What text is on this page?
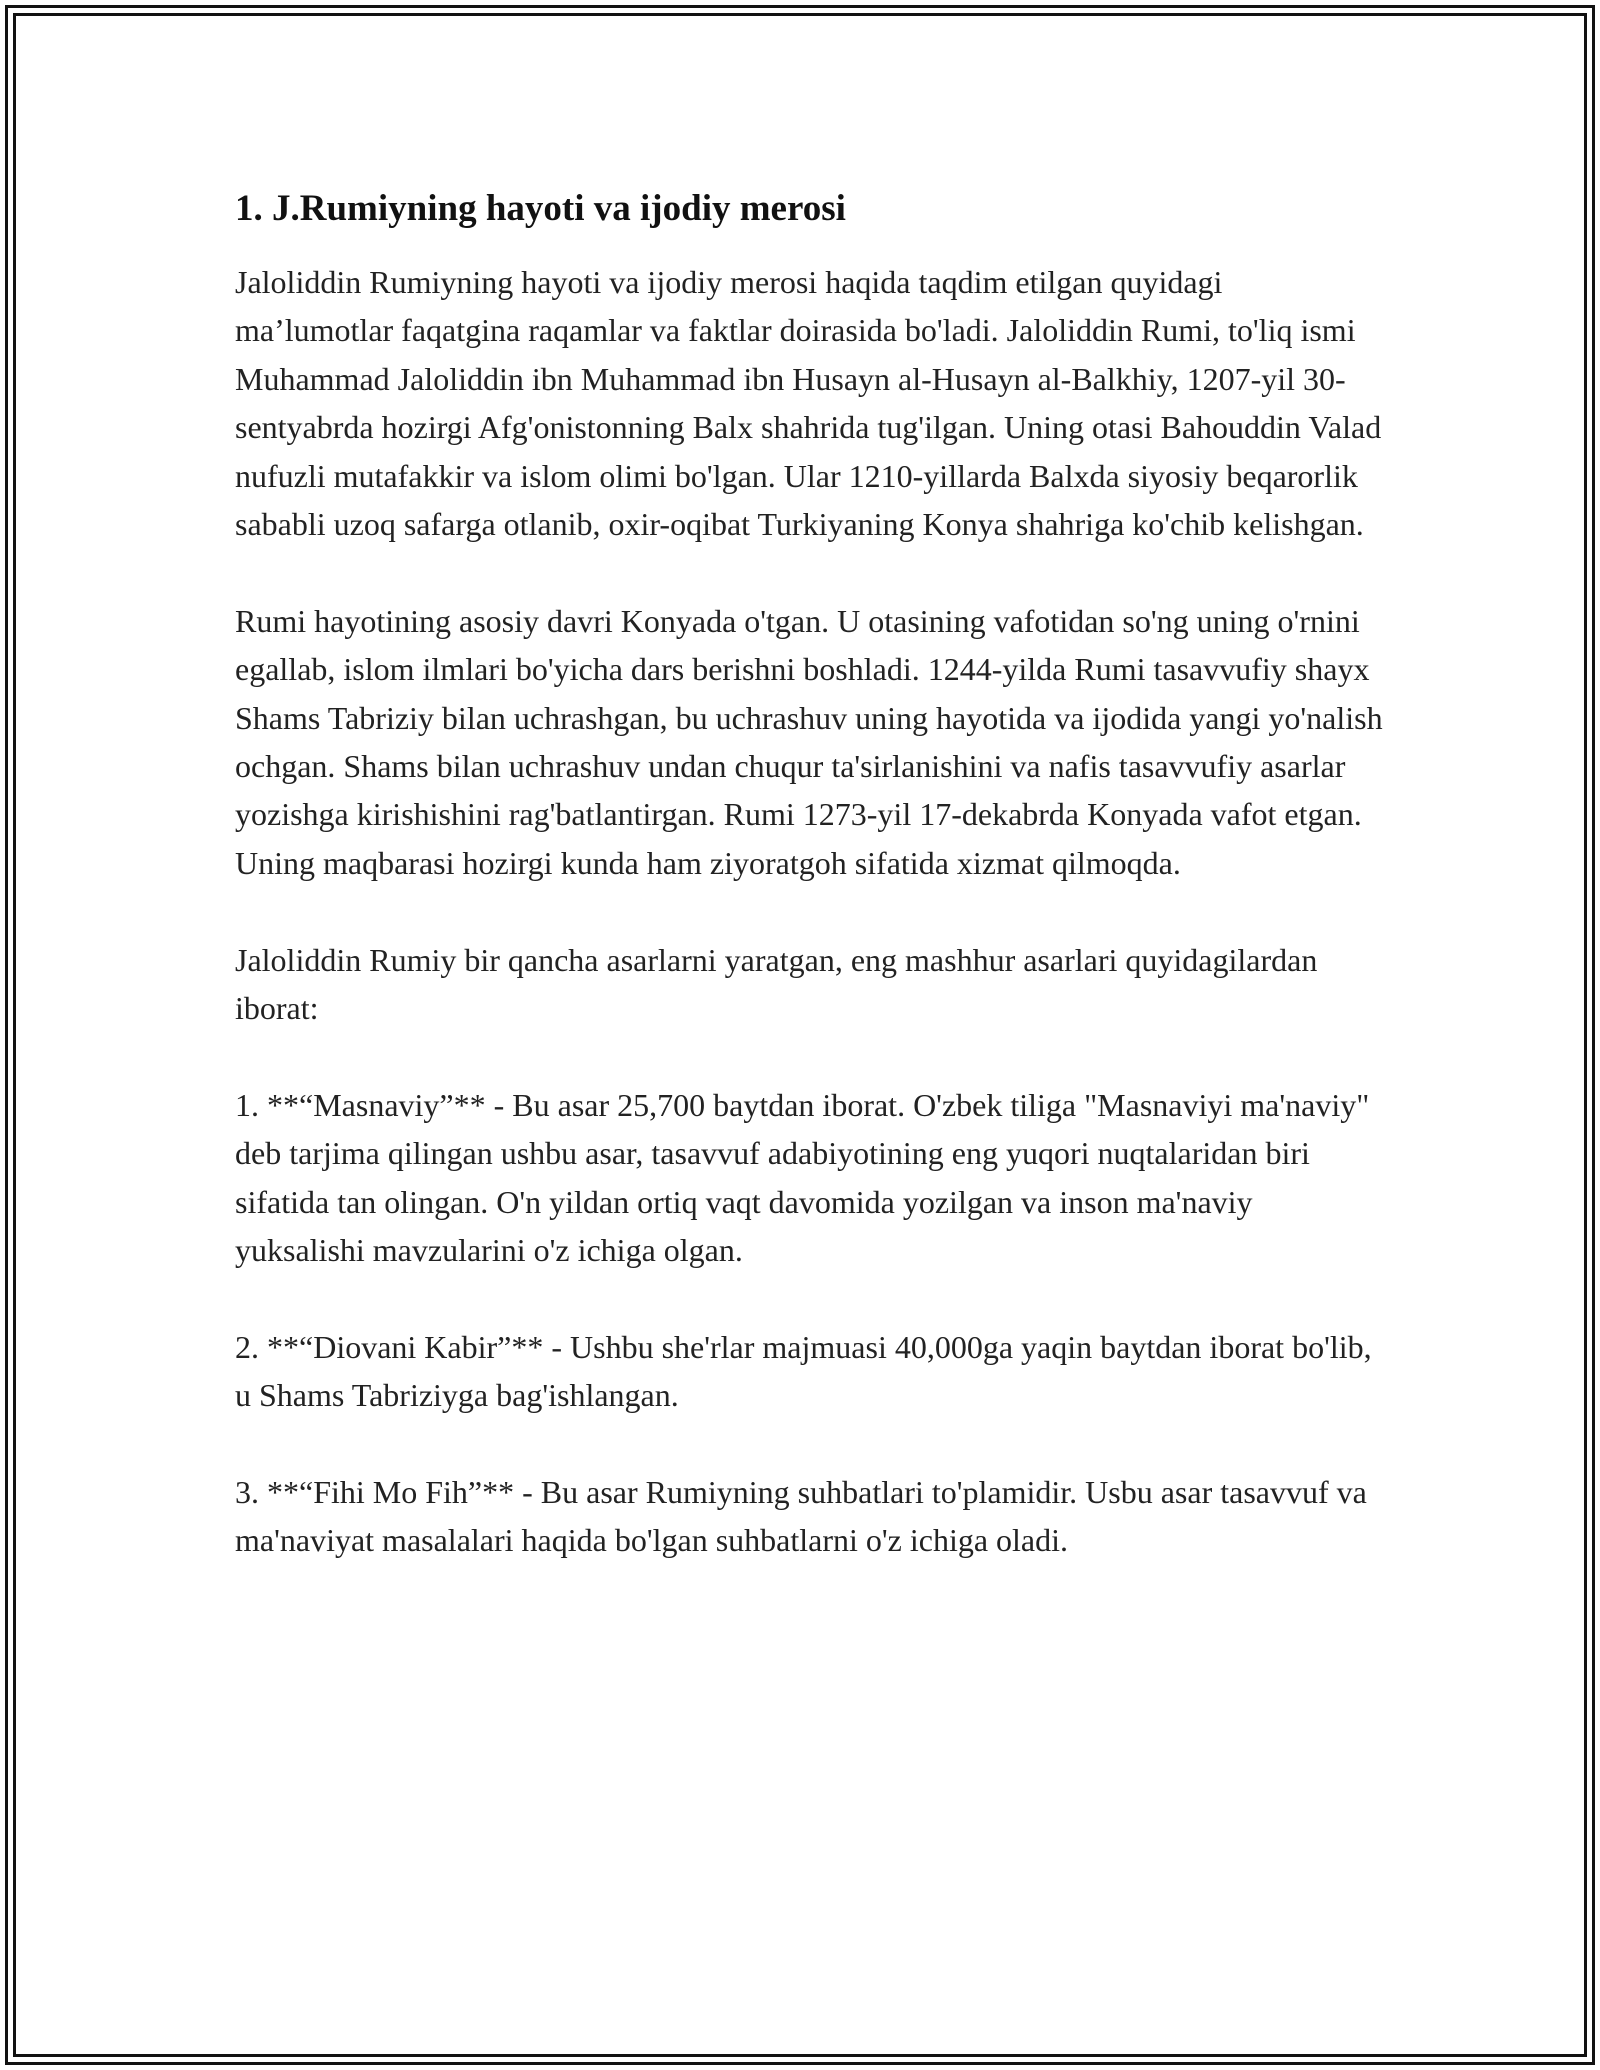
1. J.Rumiyning hayoti va ijodiy merosi

Jaloliddin Rumiyning hayoti va ijodiy merosi haqida taqdim etilgan quyidagi ma’lumotlar faqatgina raqamlar va faktlar doirasida bo'ladi. Jaloliddin Rumi, to'liq ismi Muhammad Jaloliddin ibn Muhammad ibn Husayn al-Husayn al-Balkhiy, 1207-yil 30-sentyabrda hozirgi Afg'onistonning Balx shahrida tug'ilgan. Uning otasi Bahouddin Valad nufuzli mutafakkir va islom olimi bo'lgan. Ular 1210-yillarda Balxda siyosiy beqarorlik sababli uzoq safarga otlanib, oxir-oqibat Turkiyaning Konya shahriga ko'chib kelishgan.

Rumi hayotining asosiy davri Konyada o'tgan. U otasining vafotidan so'ng uning o'rnini egallab, islom ilmlari bo'yicha dars berishni boshladi. 1244-yilda Rumi tasavvufiy shayx Shams Tabriziy bilan uchrashgan, bu uchrashuv uning hayotida va ijodida yangi yo'nalish ochgan. Shams bilan uchrashuv undan chuqur ta'sirlanishini va nafis tasavvufiy asarlar yozishga kirishishini rag'batlantirgan. Rumi 1273-yil 17-dekabrda Konyada vafot etgan. Uning maqbarasi hozirgi kunda ham ziyoratgoh sifatida xizmat qilmoqda.

Jaloliddin Rumiy bir qancha asarlarni yaratgan, eng mashhur asarlari quyidagilardan iborat:

1. **“Masnaviy”** - Bu asar 25,700 baytdan iborat. O'zbek tiliga "Masnaviyi ma'naviy" deb tarjima qilingan ushbu asar, tasavvuf adabiyotining eng yuqori nuqtalaridan biri sifatida tan olingan. O'n yildan ortiq vaqt davomida yozilgan va inson ma'naviy yuksalishi mavzularini o'z ichiga olgan.

2. **“Diovani Kabir”** - Ushbu she'rlar majmuasi 40,000ga yaqin baytdan iborat bo'lib, u Shams Tabriziyga bag'ishlangan.

3. **“Fihi Mo Fih”** - Bu asar Rumiyning suhbatlari to'plamidir. Usbu asar tasavvuf va ma'naviyat masalalari haqida bo'lgan suhbatlarni o'z ichiga oladi.
